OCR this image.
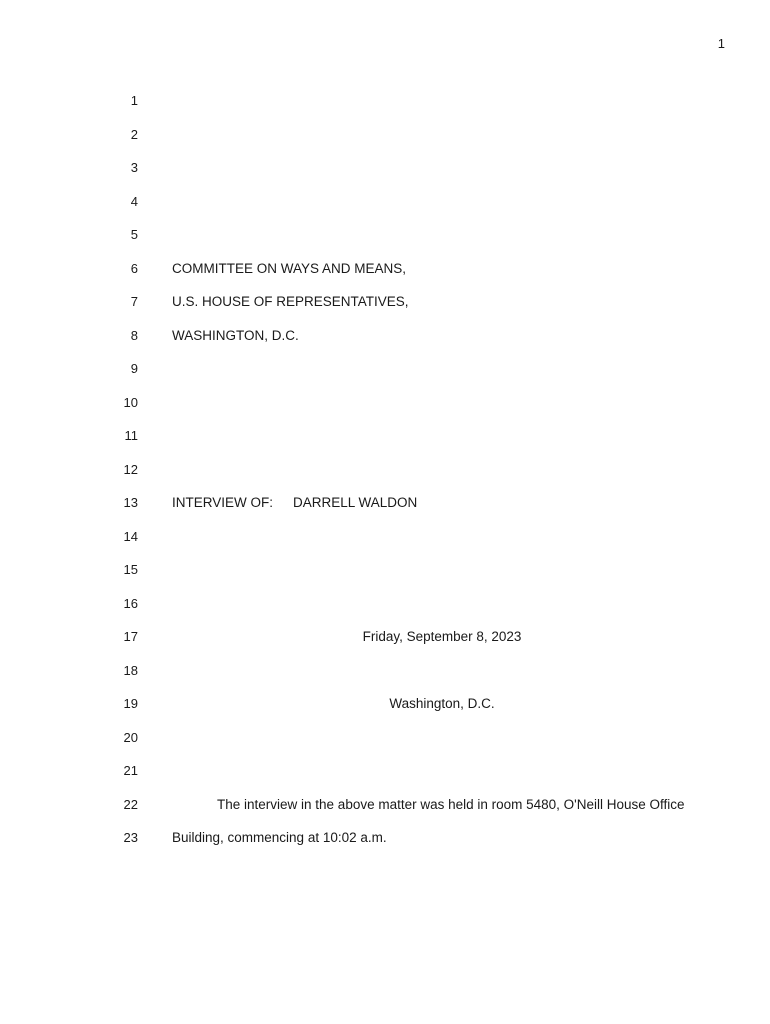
1
1
2
3
4
5
6	COMMITTEE ON WAYS AND MEANS,
7	U.S. HOUSE OF REPRESENTATIVES,
8	WASHINGTON, D.C.
9
10
11
12
13	INTERVIEW OF: DARRELL WALDON
14
15
16
17	Friday, September 8, 2023
18
19	Washington, D.C.
20
21
22	The interview in the above matter was held in room 5480, O'Neill House Office
23	Building, commencing at 10:02 a.m.
